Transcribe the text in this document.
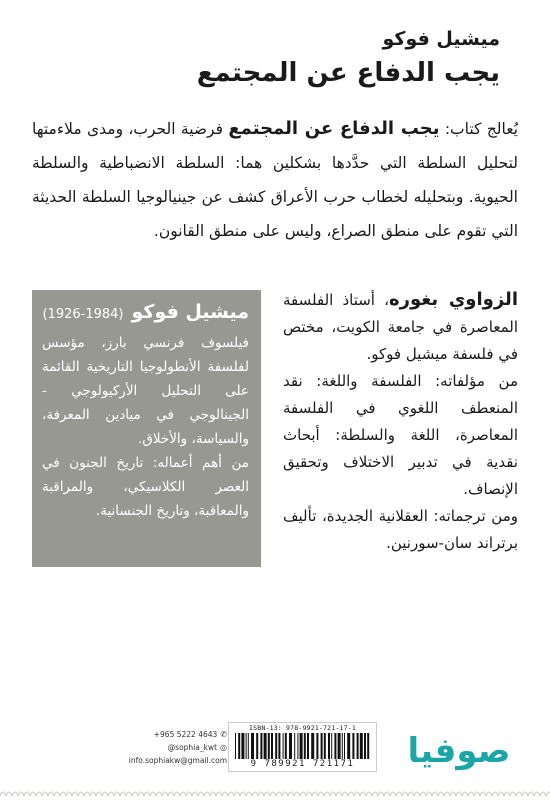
ميشيل فوكو
يجب الدفاع عن المجتمع

يُعالج كتاب: يجب الدفاع عن المجتمع فرضية الحرب، ومدى ملاءمتها لتحليل السلطة التي حدَّدها بشكلين هما: السلطة الانضباطية والسلطة الحيوية. وبتحليله لخطاب حرب الأعراق كشف عن جينيالوجيا السلطة الحديثة التي تقوم على منطق الصراع، وليس على منطق القانون.

الزواوي بغوره، أستاذ الفلسفة المعاصرة في جامعة الكويت، مختص في فلسفة ميشيل فوكو.

من مؤلفاته: الفلسفة واللغة: نقد المنعطف اللغوي في الفلسفة المعاصرة، اللغة والسلطة: أبحاث نقدية في تدبير الاختلاف وتحقيق الإنصاف.

ومن ترجماته: العقلانية الجديدة، تأليف برتراند سان-سورنين.

ميشيل فوكو
(1926-1984)

فيلسوف فرنسي بارز، مؤسس لفلسفة الأنطولوجيا التاريخية القائمة على التحليل الأركيولوجي - الجينالوجي في ميادين المعرفة، والسياسة، والأخلاق.

من أهم أعماله: تاريخ الجنون في العصر الكلاسيكي، والمراقبة والمعاقبة، وتاريخ الجنسانية.

+965 5222 4643 ✆
@sophia_kwt ◎
info.sophiakw@gmail.com
ISBN-13: 978-9921-721-17-1
9 789921 721171	صوفيا
